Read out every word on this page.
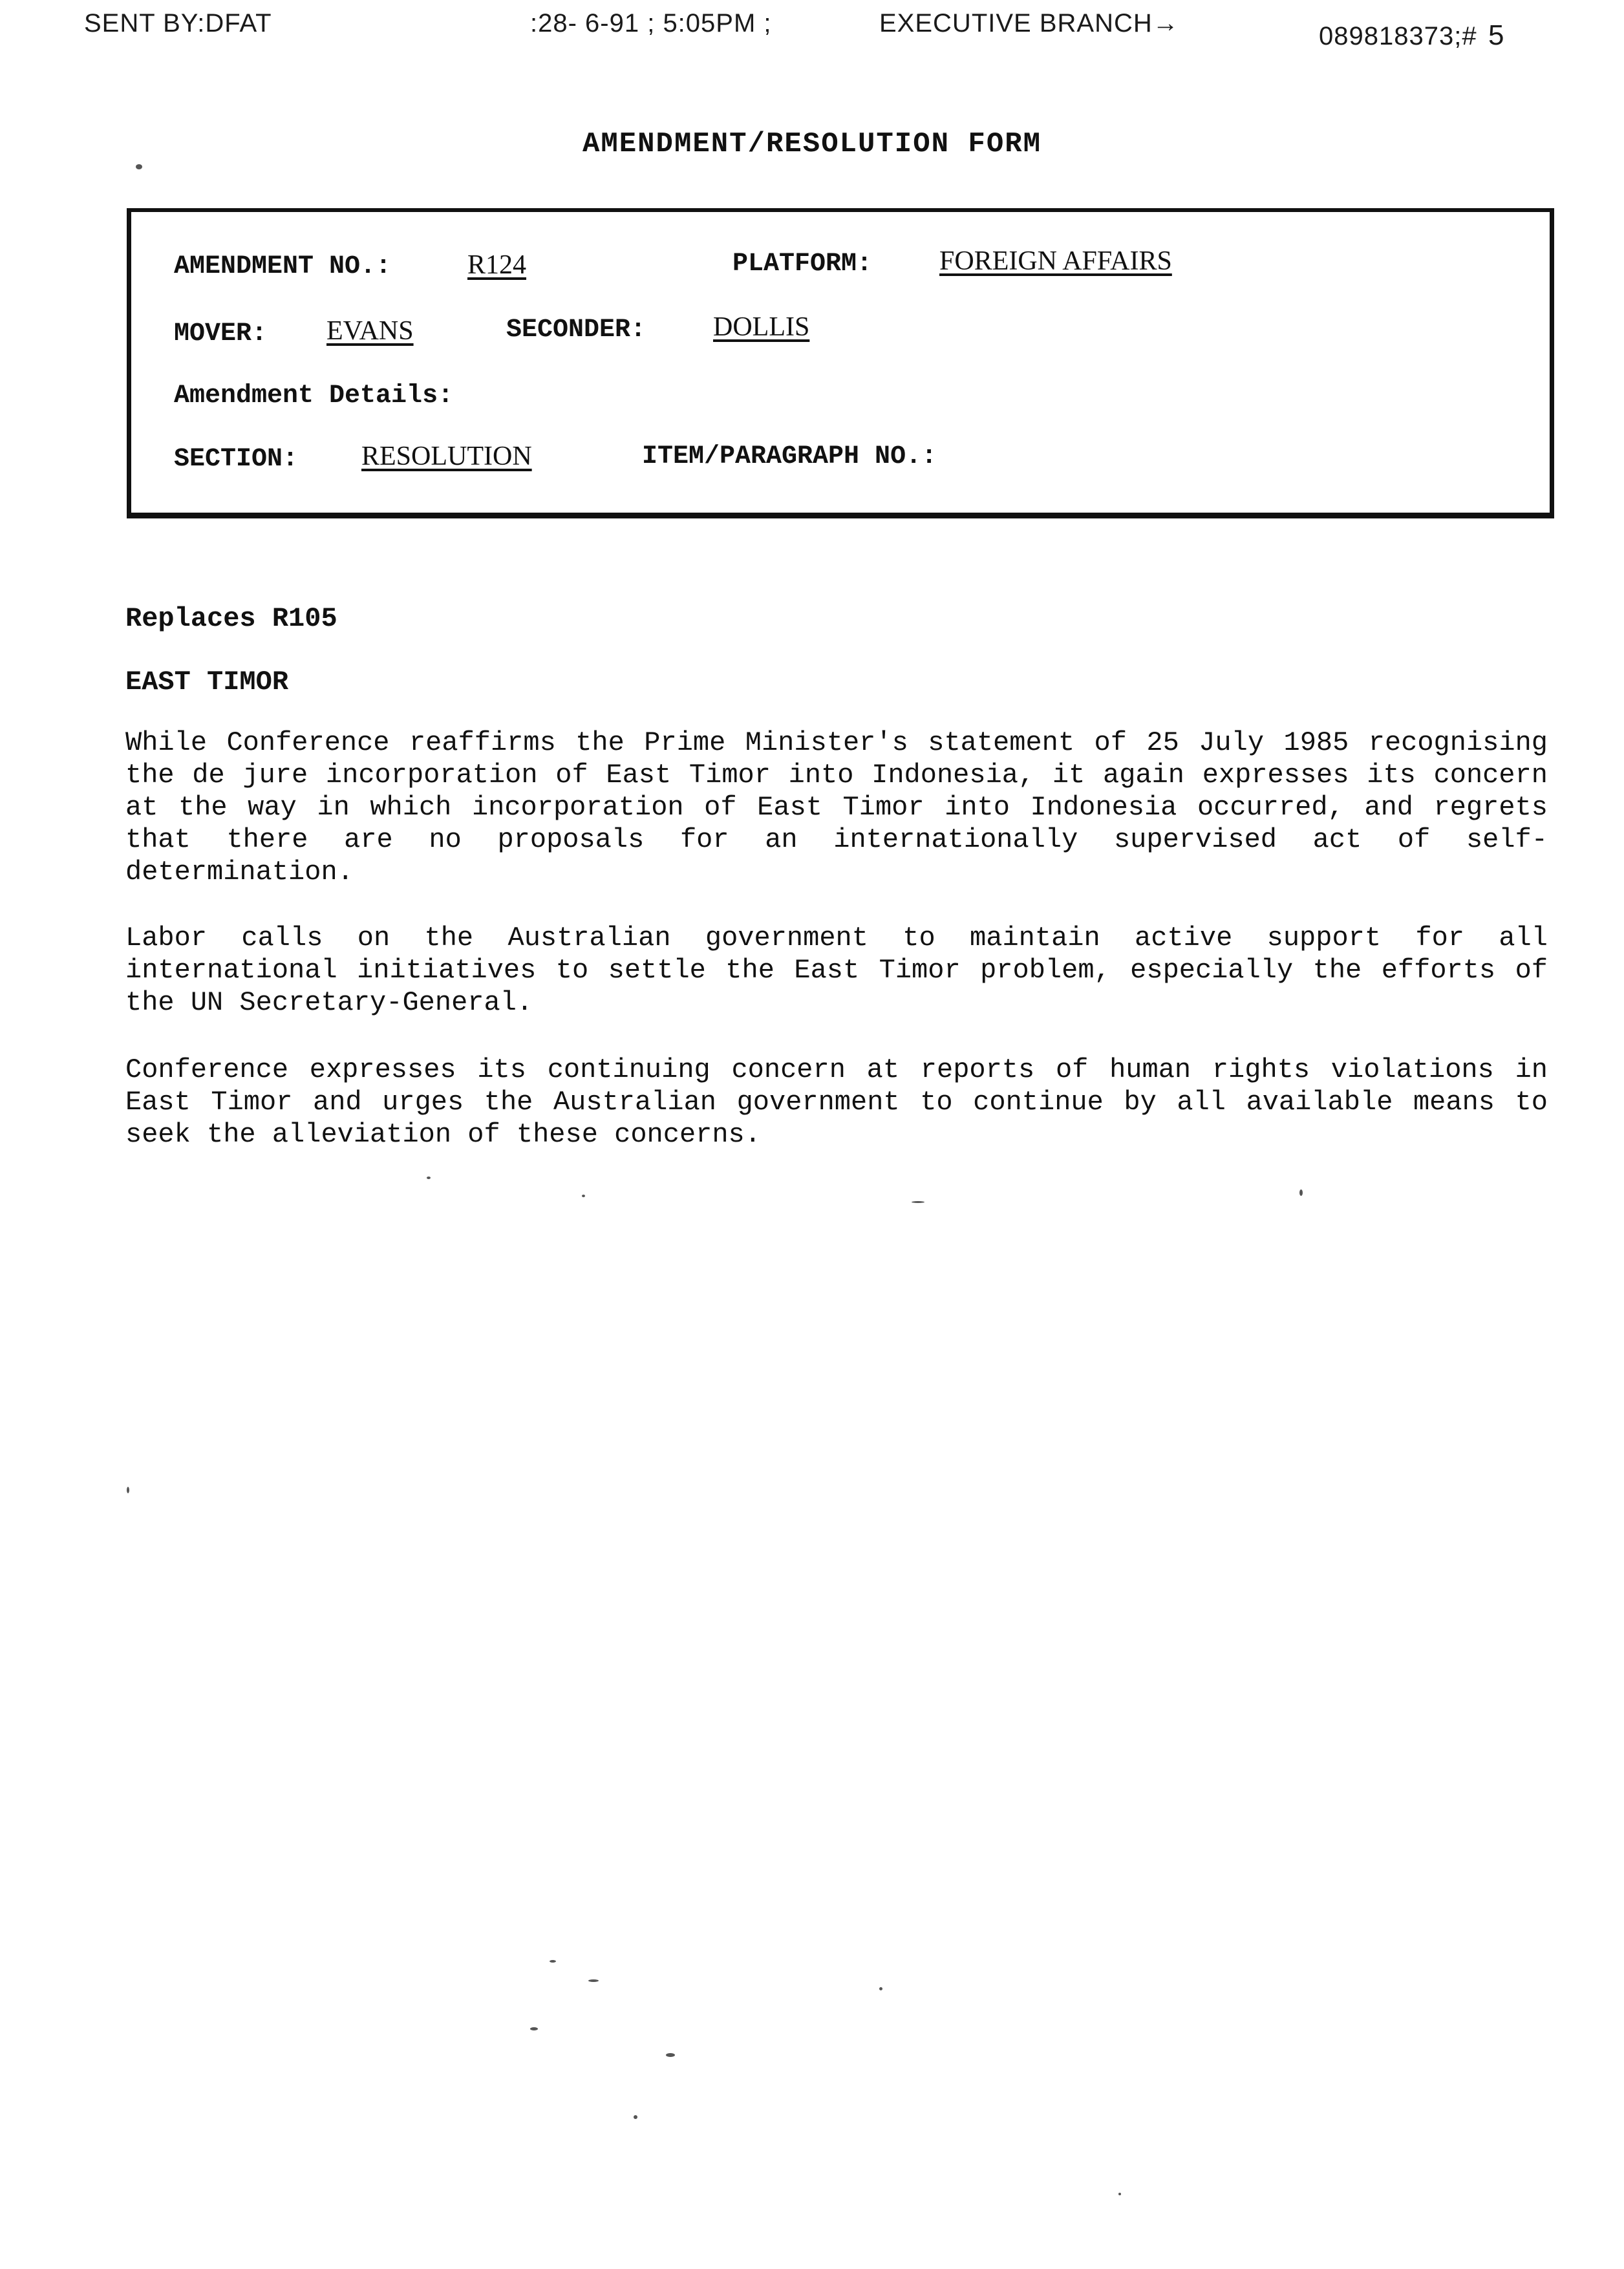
SENT BY:DFAT	:28- 6-91 ; 5:05PM ;	EXECUTIVE BRANCH→	089818373;# 5
AMENDMENT/RESOLUTION FORM
AMENDMENT NO.:	R124	PLATFORM: FOREIGN AFFAIRS
MOVER: EVANS	SECONDER: DOLLIS
Amendment Details:
SECTION: RESOLUTION	ITEM/PARAGRAPH NO.:
Replaces R105
EAST TIMOR

While Conference reaffirms the Prime Minister's statement of 25 July 1985 recognising the de jure incorporation of East Timor into Indonesia, it again expresses its concern at the way in which incorporation of East Timor into Indonesia occurred, and regrets that there are no proposals for an internationally supervised act of self-determination.

Labor calls on the Australian government to maintain active support for all international initiatives to settle the East Timor problem, especially the efforts of the UN Secretary-General.

Conference expresses its continuing concern at reports of human rights violations in East Timor and urges the Australian government to continue by all available means to seek the alleviation of these concerns.
